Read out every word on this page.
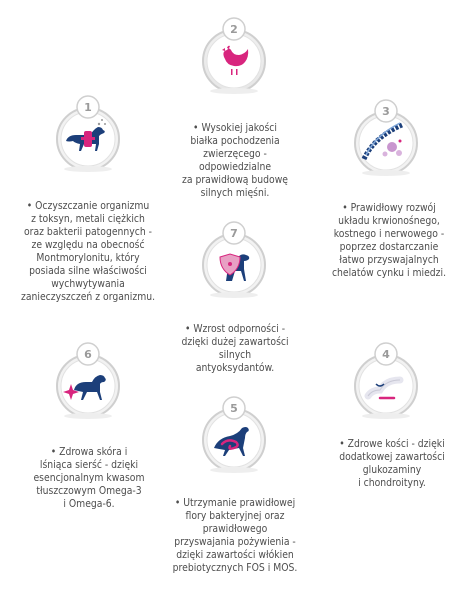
2
• Wysokiej jakości
białka pochodzenia
zwierzęcego -
odpowiedzialne
za prawidłową budowę
silnych mięśni.
1
• Oczyszczanie organizmu
z toksyn, metali ciężkich
oraz bakterii patogennych -
ze względu na obecność
Montmorylonitu, który
posiada silne właściwości
wychwytywania
zanieczyszczeń z organizmu.
3
• Prawidłowy rozwój
układu krwionośnego,
kostnego i nerwowego -
poprzez dostarczanie
łatwo przyswajalnych
chelatów cynku i miedzi.
7
• Wzrost odporności -
dzięki dużej zawartości
silnych
antyoksydantów.
6
• Zdrowa skóra i
lśniąca sierść - dzięki
esencjonalnym kwasom
tłuszczowym Omega-3
i Omega-6.
4
• Zdrowe kości - dzięki
dodatkowej zawartości
glukozaminy
i chondroityny.
5
• Utrzymanie prawidłowej
flory bakteryjnej oraz
prawidłowego
przyswajania pożywienia -
dzięki zawartości włókien
prebiotycznych FOS i MOS.
